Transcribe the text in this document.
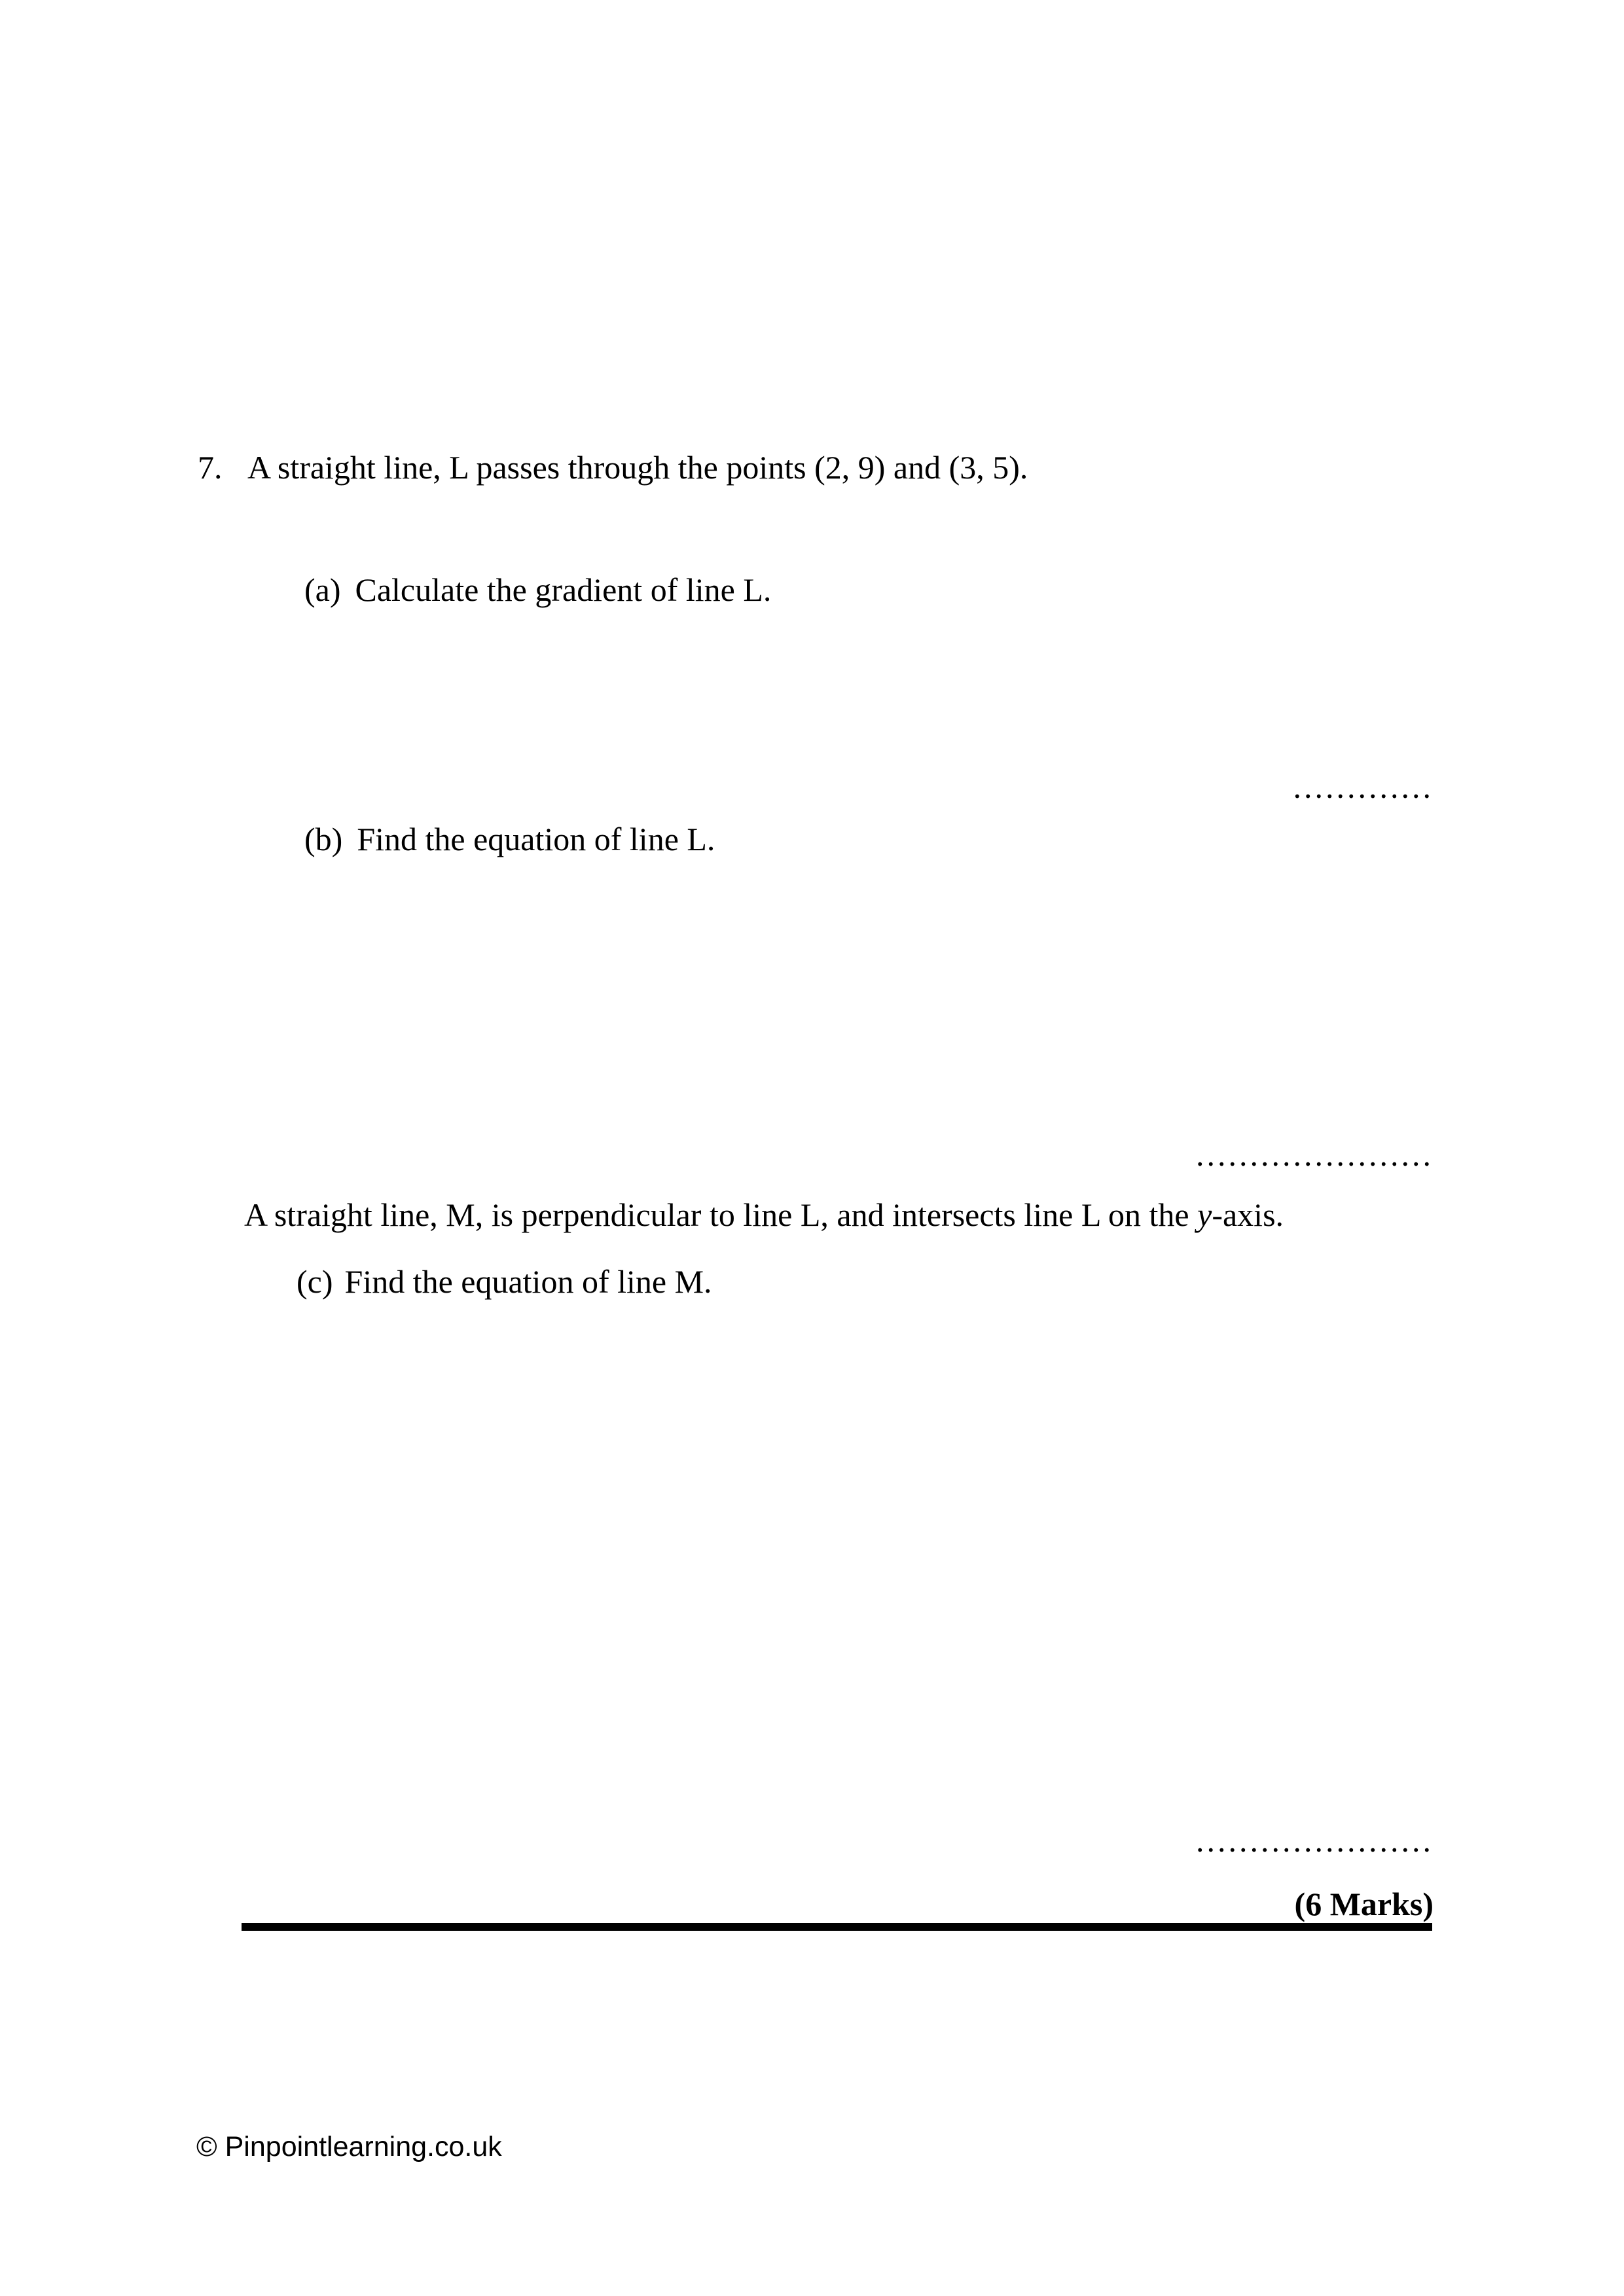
7. A straight line, L passes through the points (2, 9) and (3, 5).
(a) Calculate the gradient of line L.
.............
(b) Find the equation of line L.
......................
A straight line, M, is perpendicular to line L, and intersects line L on the y-axis.
(c) Find the equation of line M.
......................
(6 Marks)
© Pinpointlearning.co.uk
